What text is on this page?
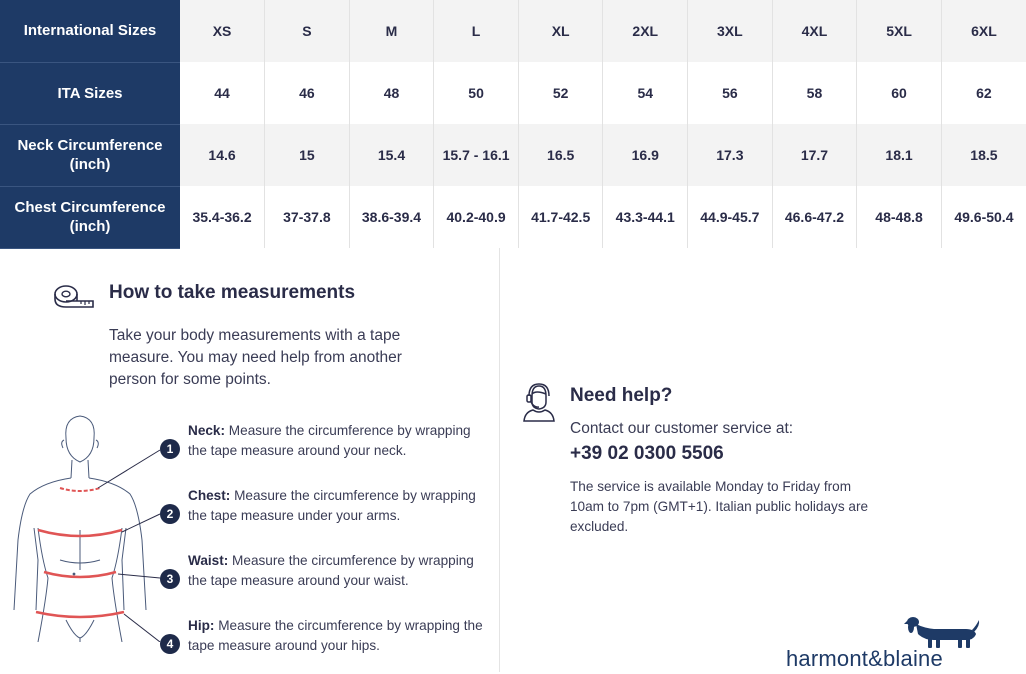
International Sizes	XS	S	M	L	XL	2XL	3XL	4XL	5XL	6XL
ITA Sizes	44	46	48	50	52	54	56	58	60	62
Neck Circumference (inch)	14.6	15	15.4	15.7 - 16.1	16.5	16.9	17.3	17.7	18.1	18.5
Chest Circumference (inch)	35.4-36.2	37-37.8	38.6-39.4	40.2-40.9	41.7-42.5	43.3-44.1	44.9-45.7	46.6-47.2	48-48.8	49.6-50.4
How to take measurements
Take your body measurements with a tape measure. You may need help from another person for some points.
1
Neck: Measure the circumference by wrapping the tape measure around your neck.
2
Chest: Measure the circumference by wrapping the tape measure under your arms.
3
Waist: Measure the circumference by wrapping the tape measure around your waist.
4
Hip: Measure the circumference by wrapping the tape measure around your hips.
Need help?
Contact our customer service at:
+39 02 0300 5506
The service is available Monday to Friday from 10am to 7pm (GMT+1). Italian public holidays are excluded.
harmont&blaine
